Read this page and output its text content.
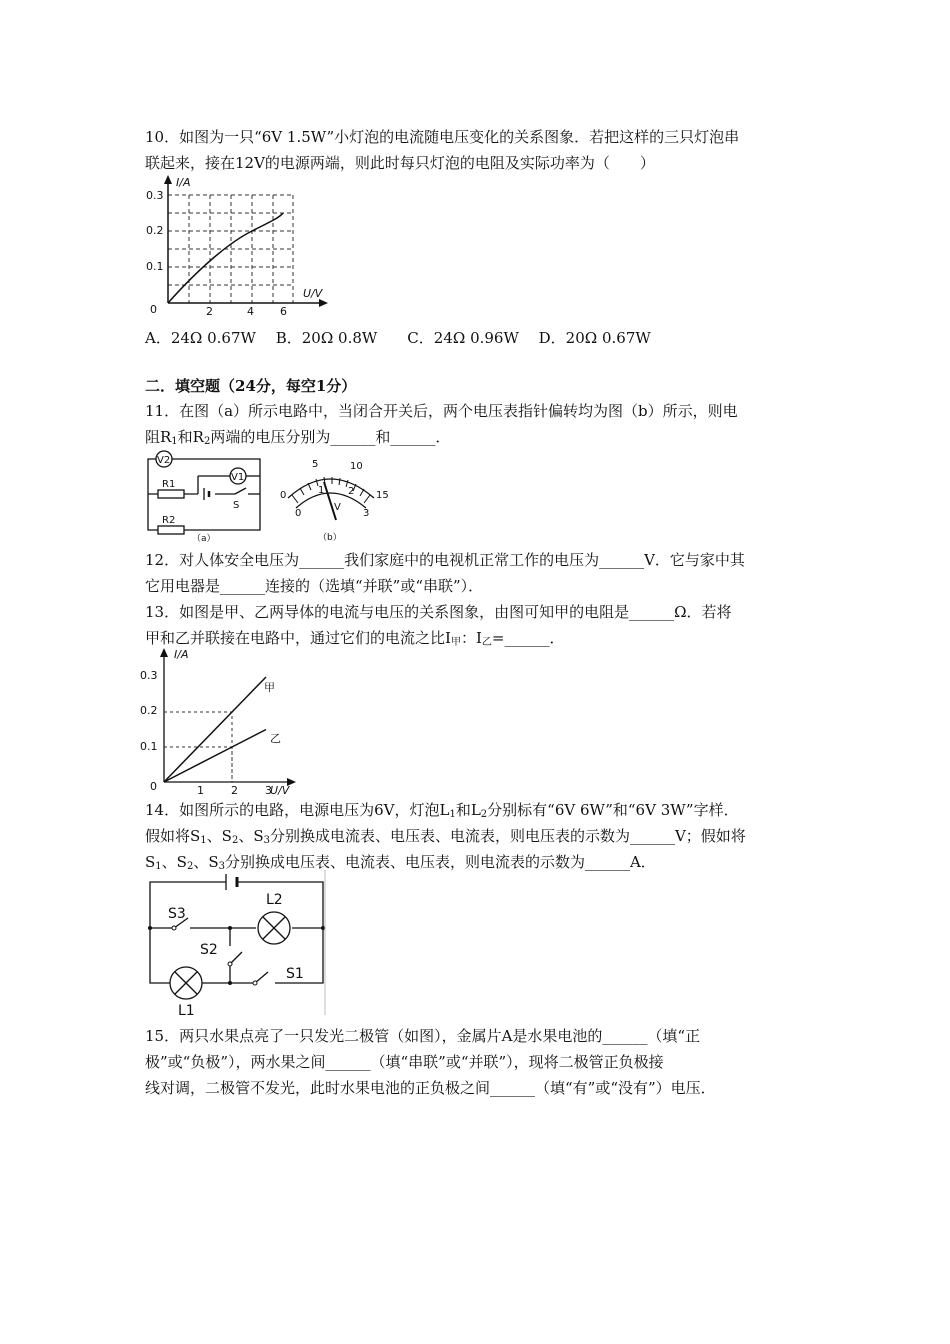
10．如图为一只“6V 1.5W”小灯泡的电流随电压变化的关系图象．若把这样的三只灯泡串
联起来，接在12V的电源两端，则此时每只灯泡的电阻及实际功率为（　　）
I/A
U/V
0
0.1
0.2
0.3
2	4 6
A．24Ω 0.67W　 B．20Ω 0.8W　　C．24Ω 0.96W　 D．20Ω 0.67W
二．填空题（24分，每空1分）
11．在图（a）所示电路中，当闭合开关后，两个电压表指针偏转均为图（b）所示，则电
阻$R_1$和$R_2$两端的电压分别为______和______．
V2
V1
R1
R2
S
（a）
5	10
0	15
0
1 2
3
V
（b）
12．对人体安全电压为______我们家庭中的电视机正常工作的电压为______V．它与家中其
它用电器是______连接的（选填“并联”或“串联”）．
13．如图是甲、乙两导体的电流与电压的关系图象，由图可知甲的电阻是______Ω．若将
甲和乙并联接在电路中，通过它们的电流之比$I_甲$：$I_乙=\_\_\_\_\_\_$．
I/A
U/V
0
0.1
0.2
0.3
1 2 3
甲
乙
14．如图所示的电路，电源电压为6V，灯泡$L_1$和$L_2$分别标有“6V 6W”和“6V 3W”字样．
假如将$S_1$、$S_2$、$S_3$分别换成电流表、电压表、电流表，则电压表的示数为______V；假如将
$S_1$、$S_2$、$S_3$分别换成电压表、电流表、电压表，则电流表的示数为______A．
S3
S2
S1
L2
L1
15．两只水果点亮了一只发光二极管（如图），金属片A是水果电池的______（填“正
极”或“负极”），两水果之间______（填“串联”或“并联”），现将二极管正负极接
线对调，二极管不发光，此时水果电池的正负极之间______（填“有”或“没有”）电压．
